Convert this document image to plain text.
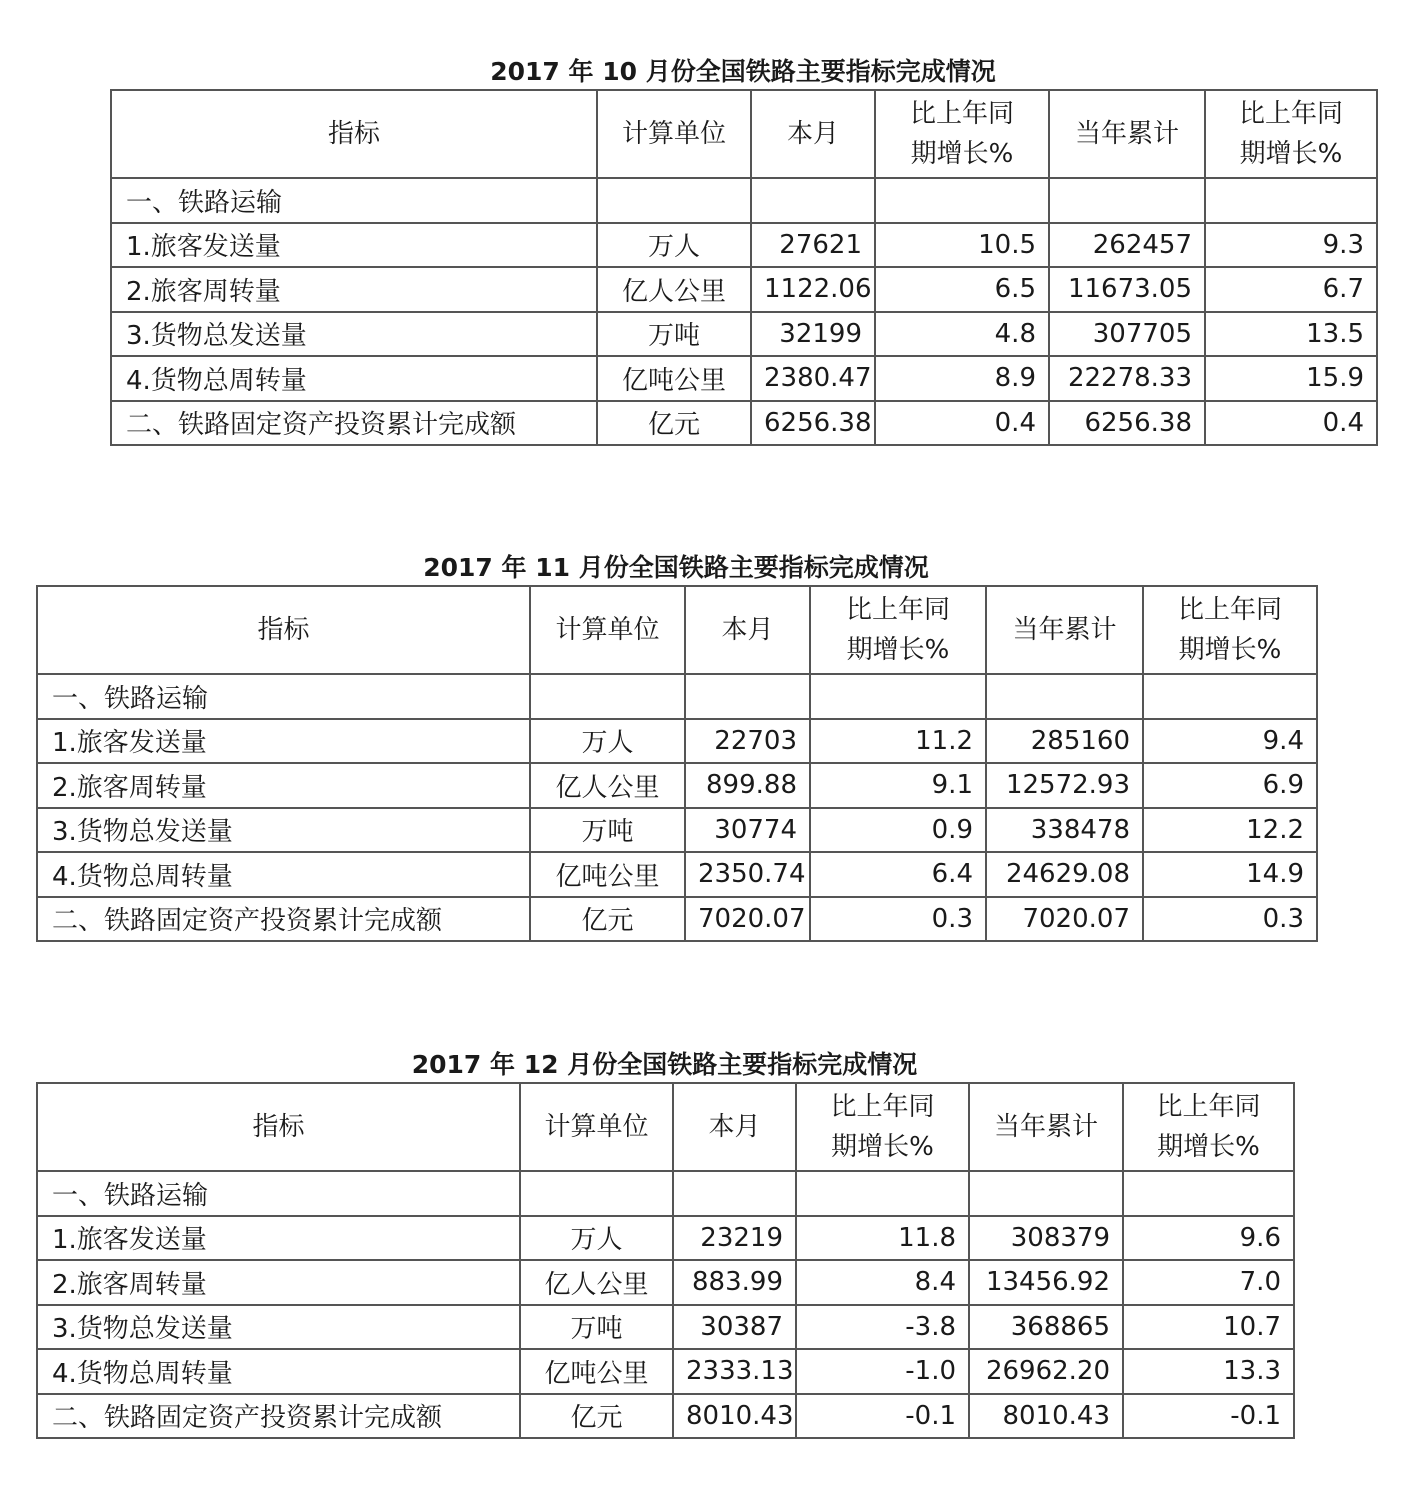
2017 年 10 月份全国铁路主要指标完成情况
指标	计算单位	本月	比上年同期增长%	当年累计	比上年同期增长%
一、铁路运输					
1.旅客发送量	万人	27621	10.5	262457	9.3
2.旅客周转量	亿人公里	1122.06	6.5	11673.05	6.7
3.货物总发送量	万吨	32199	4.8	307705	13.5
4.货物总周转量	亿吨公里	2380.47	8.9	22278.33	15.9
二、铁路固定资产投资累计完成额	亿元	6256.38	0.4	6256.38	0.4
2017 年 11 月份全国铁路主要指标完成情况
指标	计算单位	本月	比上年同期增长%	当年累计	比上年同期增长%
一、铁路运输					
1.旅客发送量	万人	22703	11.2	285160	9.4
2.旅客周转量	亿人公里	899.88	9.1	12572.93	6.9
3.货物总发送量	万吨	30774	0.9	338478	12.2
4.货物总周转量	亿吨公里	2350.74	6.4	24629.08	14.9
二、铁路固定资产投资累计完成额	亿元	7020.07	0.3	7020.07	0.3
2017 年 12 月份全国铁路主要指标完成情况
指标	计算单位	本月	比上年同期增长%	当年累计	比上年同期增长%
一、铁路运输					
1.旅客发送量	万人	23219	11.8	308379	9.6
2.旅客周转量	亿人公里	883.99	8.4	13456.92	7.0
3.货物总发送量	万吨	30387	-3.8	368865	10.7
4.货物总周转量	亿吨公里	2333.13	-1.0	26962.20	13.3
二、铁路固定资产投资累计完成额	亿元	8010.43	-0.1	8010.43	-0.1
